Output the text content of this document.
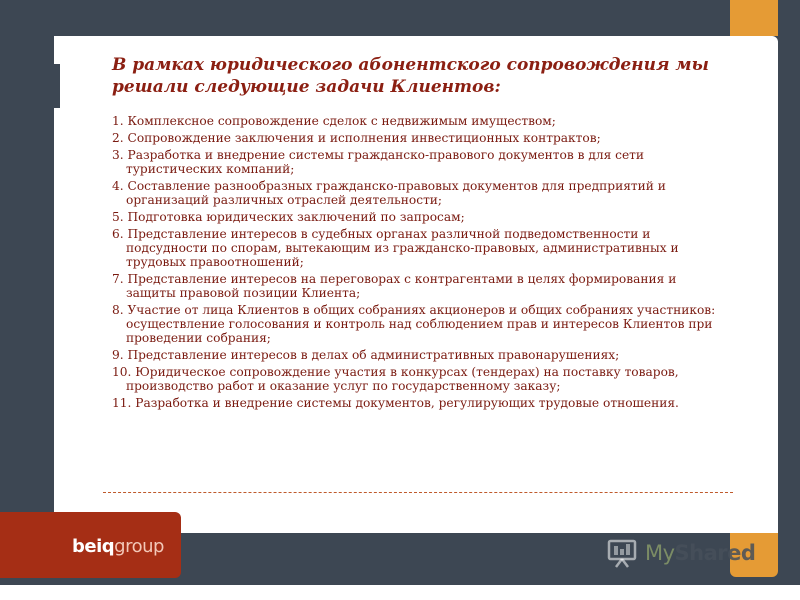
В рамках юридического абонентского сопровождения мы решали следующие задачи Клиентов:
1. Комплексное сопровождение сделок с недвижимым имуществом;
2. Сопровождение заключения и исполнения инвестиционных контрактов;
3. Разработка и внедрение системы гражданско-правового документов в для сети туристических компаний;
4. Составление разнообразных гражданско-правовых документов для предприятий и организаций различных отраслей деятельности;
5. Подготовка юридических заключений по запросам;
6. Представление интересов в судебных органах различной подведомственности и подсудности по спорам, вытекающим из гражданско-правовых, административных и трудовых правоотношений;
7. Представление интересов на переговорах с контрагентами в целях формирования и защиты правовой позиции Клиента;
8. Участие от лица Клиентов в общих собраниях акционеров и общих собраниях участников: осуществление голосования и контроль над соблюдением прав и интересов Клиентов при проведении собрания;
9. Представление интересов в делах об административных правонарушениях;
10. Юридическое сопровождение участия в конкурсах (тендерах) на поставку товаров, производство работ и оказание услуг по государственному заказу;
11. Разработка и внедрение системы документов, регулирующих трудовые отношения.

beiqgroup	MyShared
